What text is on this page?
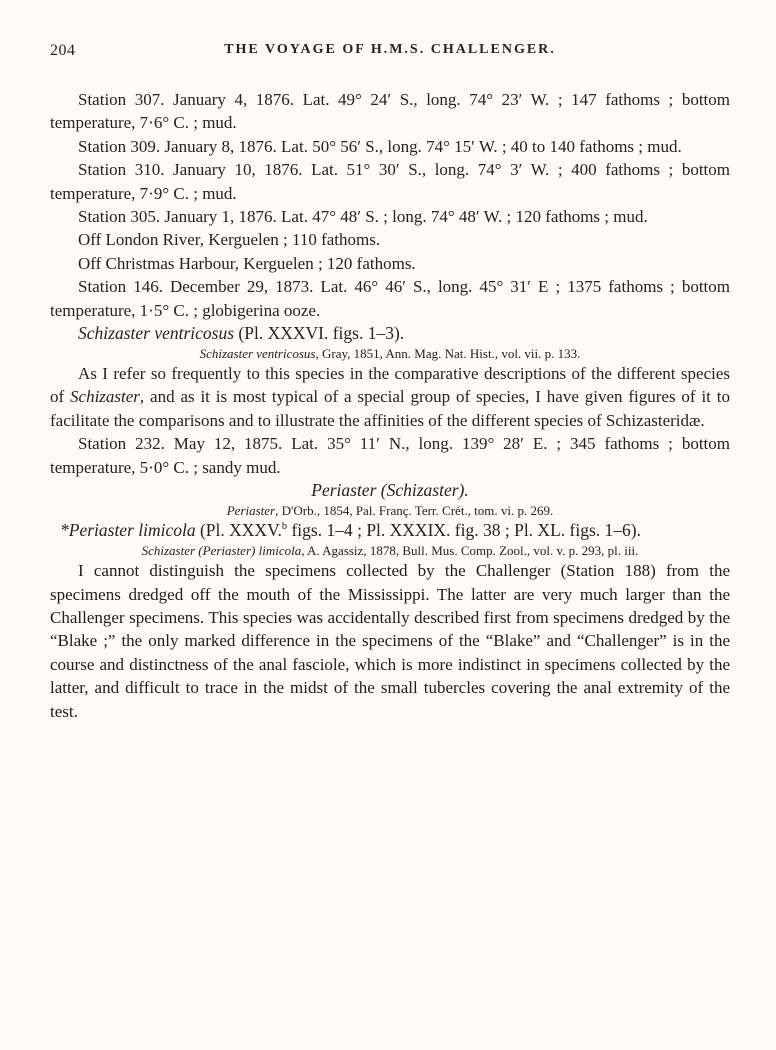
204	THE VOYAGE OF H.M.S. CHALLENGER.

Station 307. January 4, 1876. Lat. 49° 24′ S., long. 74° 23′ W. ; 147 fathoms ; bottom temperature, 7·6° C. ; mud.

Station 309. January 8, 1876. Lat. 50° 56′ S., long. 74° 15′ W. ; 40 to 140 fathoms ; mud.

Station 310. January 10, 1876. Lat. 51° 30′ S., long. 74° 3′ W. ; 400 fathoms ; bottom temperature, 7·9° C. ; mud.

Station 305. January 1, 1876. Lat. 47° 48′ S. ; long. 74° 48′ W. ; 120 fathoms ; mud.

Off London River, Kerguelen ; 110 fathoms.

Off Christmas Harbour, Kerguelen ; 120 fathoms.

Station 146. December 29, 1873. Lat. 46° 46′ S., long. 45° 31′ E ; 1375 fathoms ; bottom temperature, 1·5° C. ; globigerina ooze.

Schizaster ventricosus (Pl. XXXVI. figs. 1–3).

Schizaster ventricosus, Gray, 1851, Ann. Mag. Nat. Hist., vol. vii. p. 133.

As I refer so frequently to this species in the comparative descriptions of the different species of Schizaster, and as it is most typical of a special group of species, I have given figures of it to facilitate the comparisons and to illustrate the affinities of the different species of Schizasteridæ.

Station 232. May 12, 1875. Lat. 35° 11′ N., long. 139° 28′ E. ; 345 fathoms ; bottom temperature, 5·0° C. ; sandy mud.

Periaster (Schizaster).

Periaster, D'Orb., 1854, Pal. Franç. Terr. Crét., tom. vi. p. 269.

*Periaster limicola (Pl. XXXV.$^b$ figs. 1–4 ; Pl. XXXIX. fig. 38 ; Pl. XL. figs. 1–6).

Schizaster (Periaster) limicola, A. Agassiz, 1878, Bull. Mus. Comp. Zool., vol. v. p. 293, pl. iii.

I cannot distinguish the specimens collected by the Challenger (Station 188) from the specimens dredged off the mouth of the Mississippi. The latter are very much larger than the Challenger specimens. This species was accidentally described first from specimens dredged by the “Blake ;” the only marked difference in the specimens of the “Blake” and “Challenger” is in the course and distinctness of the anal fasciole, which is more indistinct in specimens collected by the latter, and difficult to trace in the midst of the small tubercles covering the anal extremity of the test.
